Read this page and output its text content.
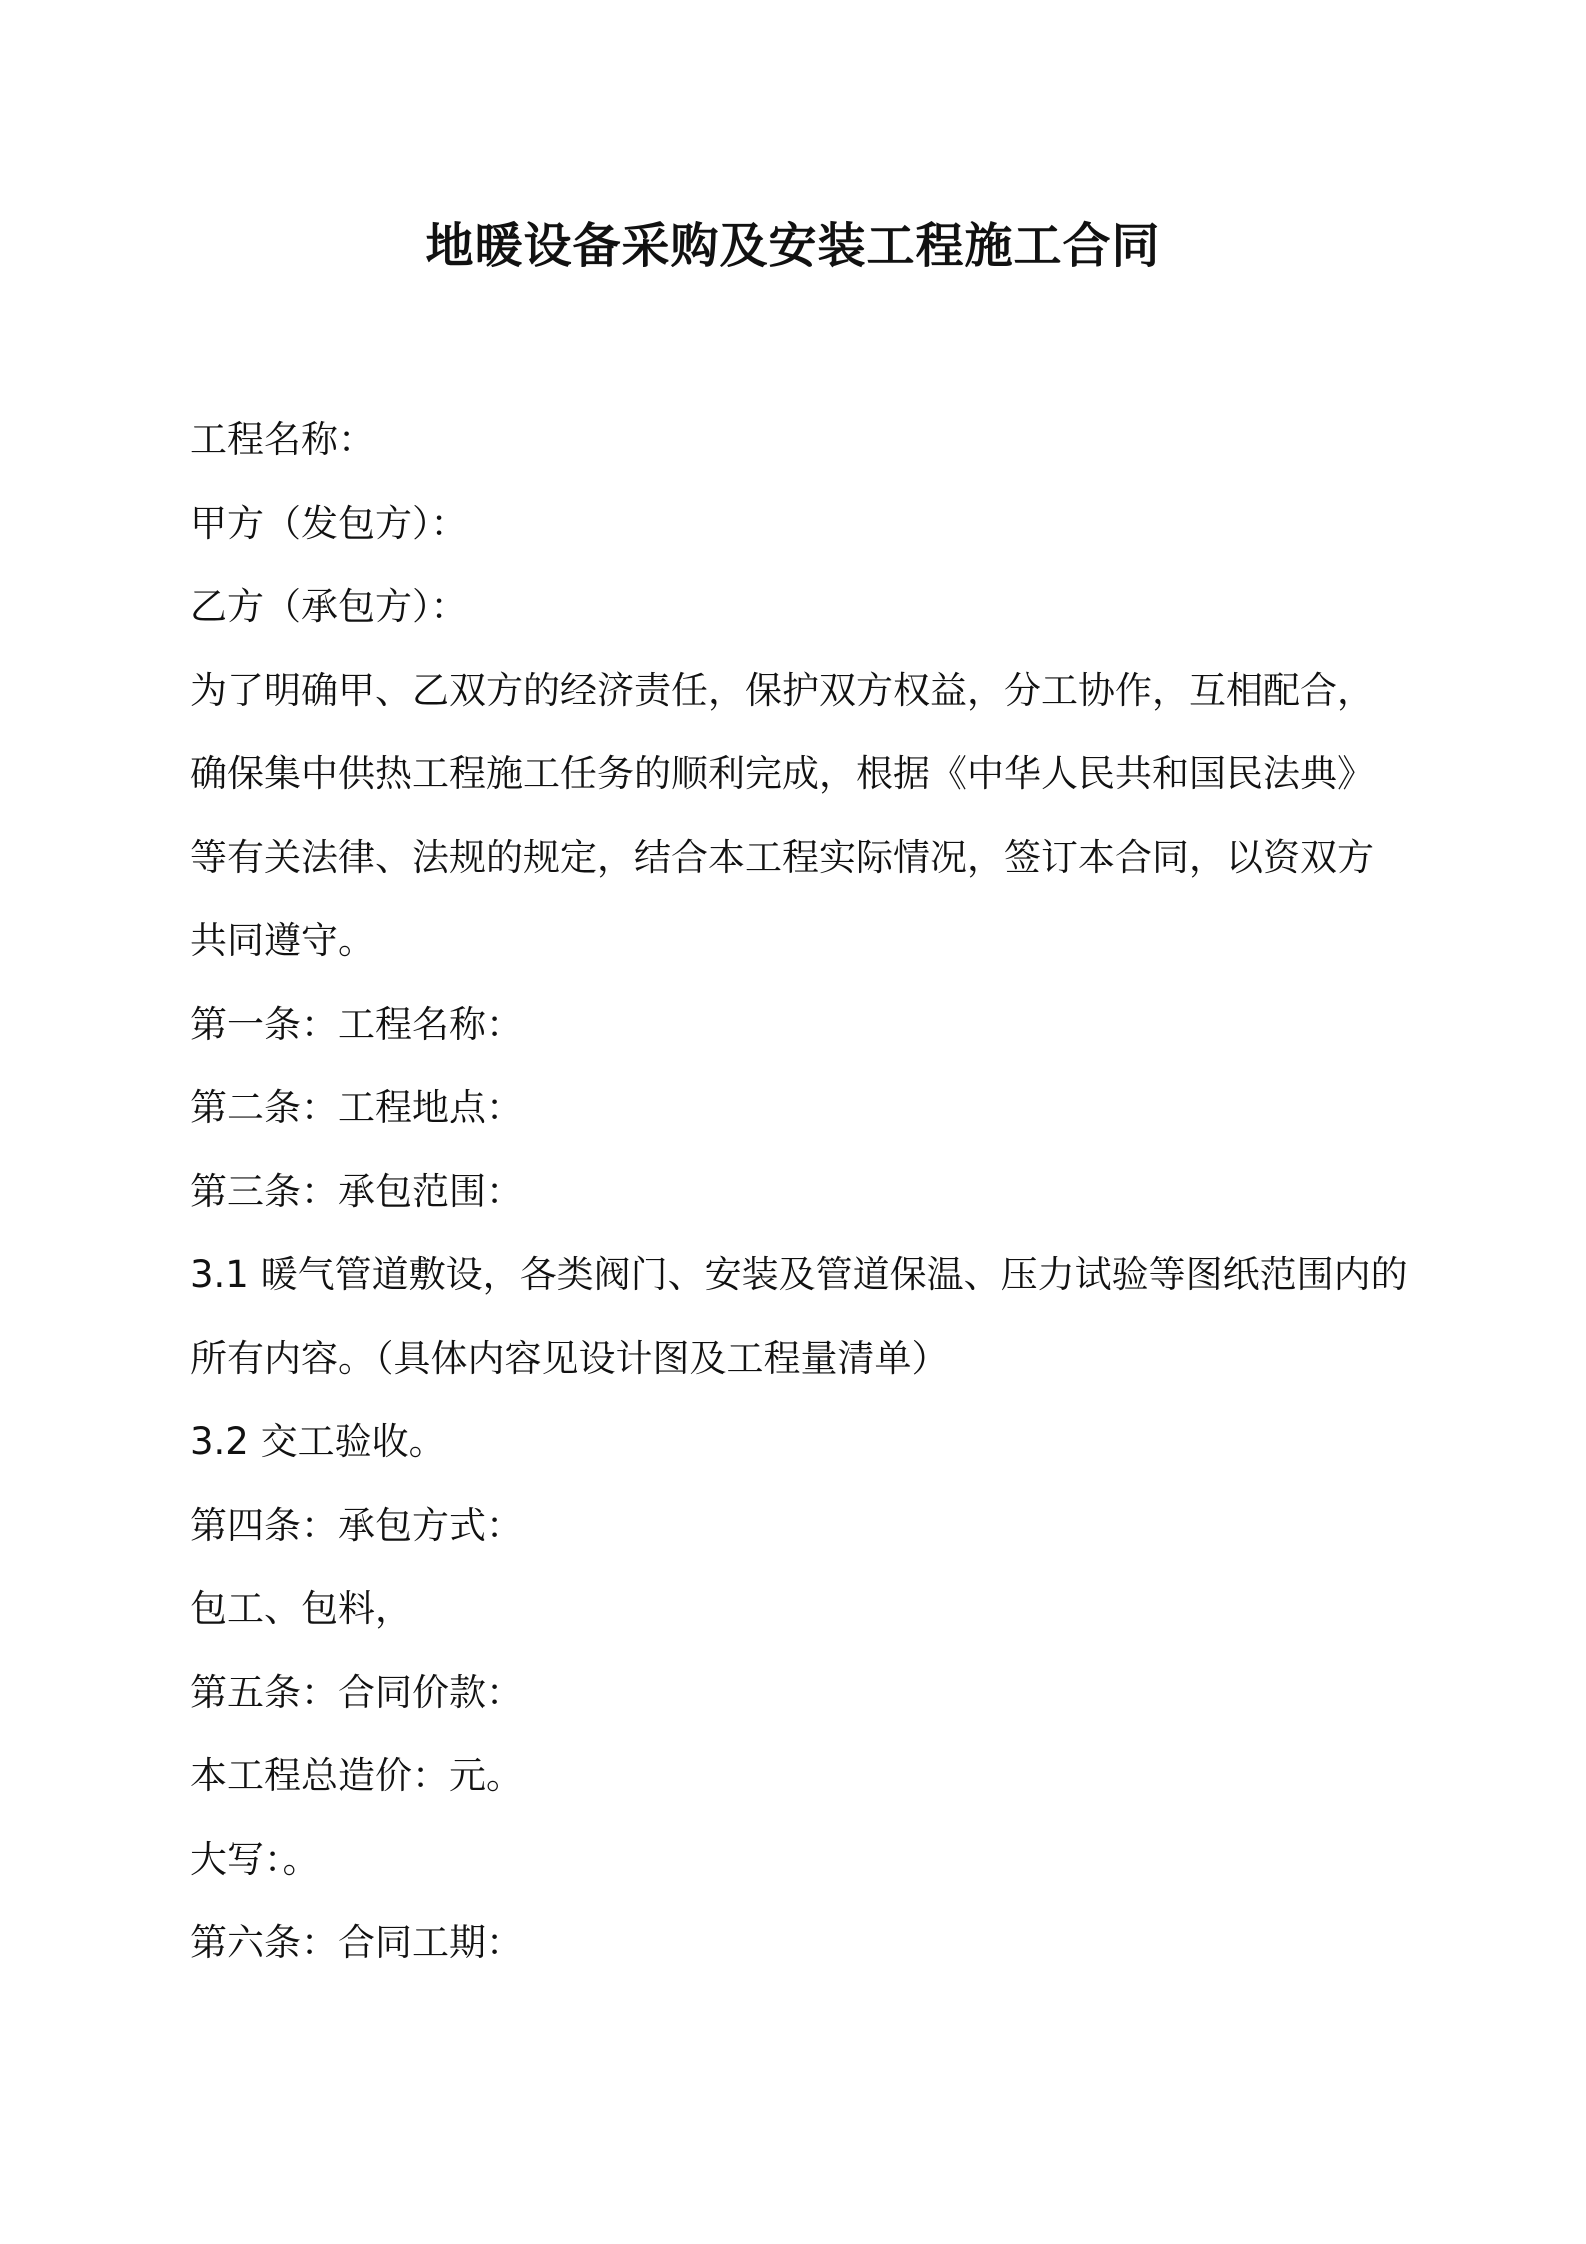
地暖设备采购及安装工程施工合同
工程名称：
甲方（发包方）：
乙方（承包方）：
为了明确甲、乙双方的经济责任，保护双方权益，分工协作，互相配合，
确保集中供热工程施工任务的顺利完成，根据《中华人民共和国民法典》
等有关法律、法规的规定，结合本工程实际情况，签订本合同，以资双方
共同遵守。
第一条：工程名称：
第二条：工程地点：
第三条：承包范围：
3.1 暖气管道敷设，各类阀门、安装及管道保温、压力试验等图纸范围内的
所有内容。（具体内容见设计图及工程量清单）
3.2 交工验收。
第四条：承包方式：
包工、包料，
第五条：合同价款：
本工程总造价：元。
大写：。
第六条：合同工期：
